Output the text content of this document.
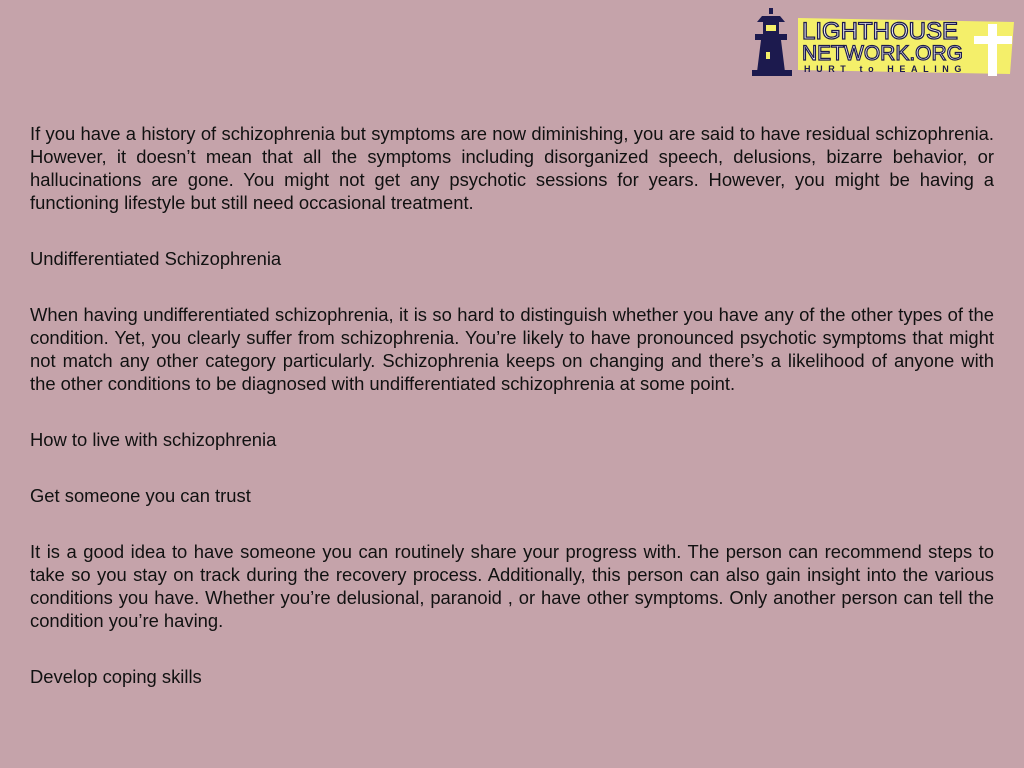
LIGHTHOUSE
NETWORK.ORG
HURT to HEALING

If you have a history of schizophrenia but symptoms are now diminishing, you are said to have residual schizophrenia. However, it doesn’t mean that all the symptoms including disorganized speech, delusions, bizarre behavior, or hallucinations are gone. You might not get any psychotic sessions for years. However, you might be having a functioning lifestyle but still need occasional treatment.

Undifferentiated Schizophrenia

When having undifferentiated schizophrenia, it is so hard to distinguish whether you have any of the other types of the condition. Yet, you clearly suffer from schizophrenia. You’re likely to have pronounced psychotic symptoms that might not match any other category particularly. Schizophrenia keeps on changing and there’s a likelihood of anyone with the other conditions to be diagnosed with undifferentiated schizophrenia at some point.

How to live with schizophrenia

Get someone you can trust

It is a good idea to have someone you can routinely share your progress with. The person can recommend steps to take so you stay on track during the recovery process. Additionally, this person can also gain insight into the various conditions you have. Whether you’re delusional, paranoid , or have other symptoms. Only another person can tell the condition you’re having.

Develop coping skills
